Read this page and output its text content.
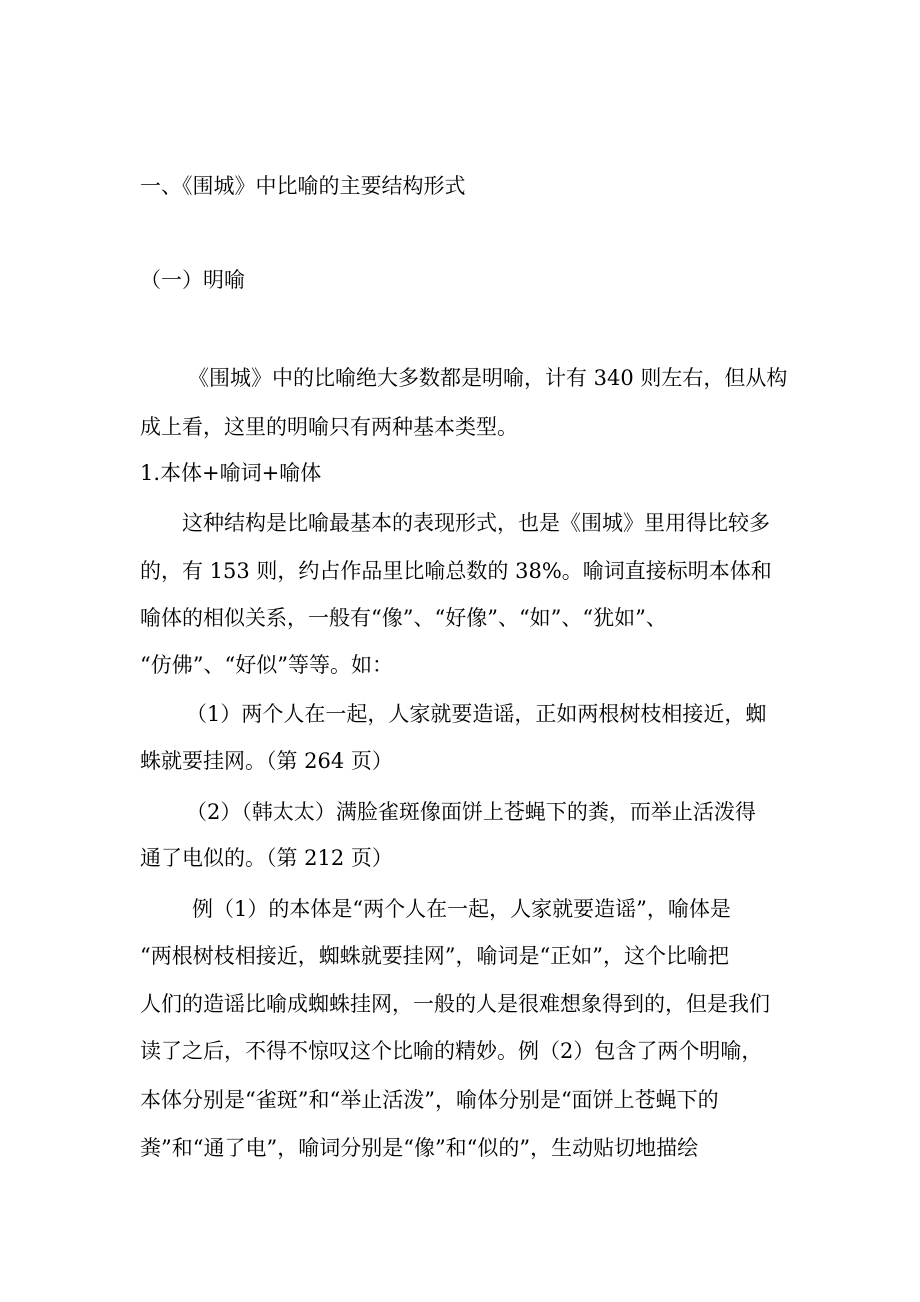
一、《围城》中比喻的主要结构形式
（一）明喻
《围城》中的比喻绝大多数都是明喻，计有 340 则左右，但从构
成上看，这里的明喻只有两种基本类型。
1.本体+喻词+喻体
这种结构是比喻最基本的表现形式，也是《围城》里用得比较多
的，有 153 则，约占作品里比喻总数的 38%。喻词直接标明本体和
喻体的相似关系，一般有“像”、“好像”、“如”、“犹如”、
“仿佛”、“好似”等等。如：
（1）两个人在一起，人家就要造谣，正如两根树枝相接近，蜘
蛛就要挂网。（第 264 页）
（2）（韩太太）满脸雀斑像面饼上苍蝇下的粪，而举止活泼得
通了电似的。（第 212 页）
例（1）的本体是“两个人在一起，人家就要造谣”，喻体是
“两根树枝相接近，蜘蛛就要挂网”，喻词是“正如”，这个比喻把
人们的造谣比喻成蜘蛛挂网，一般的人是很难想象得到的，但是我们
读了之后，不得不惊叹这个比喻的精妙。例（2）包含了两个明喻，
本体分别是“雀斑”和“举止活泼”，喻体分别是“面饼上苍蝇下的
粪”和“通了电”，喻词分别是“像”和“似的”，生动贴切地描绘
